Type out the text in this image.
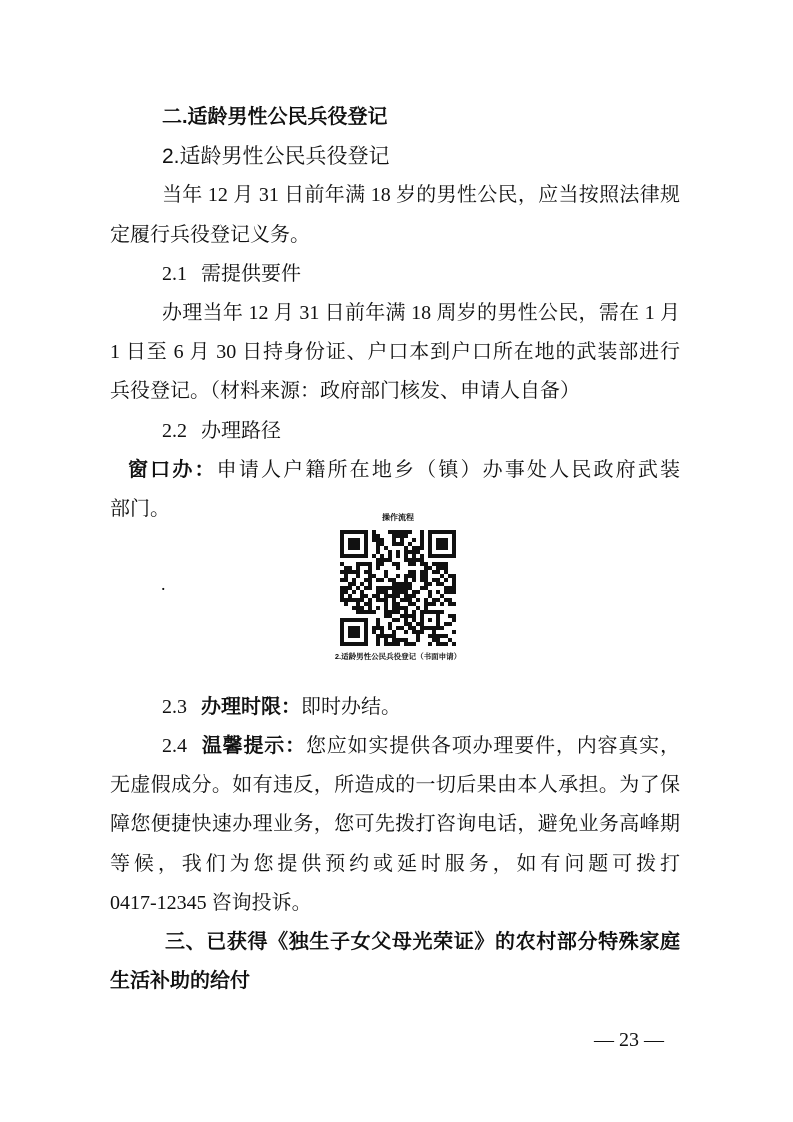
二.适龄男性公民兵役登记
2.适龄男性公民兵役登记
当年 12 月 31 日前年满 18 岁的男性公民，应当按照法律规
定履行兵役登记义务。
2.1 需提供要件
办理当年 12 月 31 日前年满 18 周岁的男性公民，需在 1 月
1 日至 6 月 30 日持身份证、户口本到户口所在地的武装部进行
兵役登记。（材料来源：政府部门核发、申请人自备）
2.2 办理路径
窗口办：申请人户籍所在地乡（镇）办事处人民政府武装
部门。
2.3 办理时限：即时办结。
2.4 温馨提示：您应如实提供各项办理要件，内容真实，
无虚假成分。如有违反，所造成的一切后果由本人承担。为了保
障您便捷快速办理业务，您可先拨打咨询电话，避免业务高峰期
等候，我们为您提供预约或延时服务，如有问题可拨打
0417-12345 咨询投诉。
三、已获得《独生子女父母光荣证》的农村部分特殊家庭
生活补助的给付
.
操作流程
2.适龄男性公民兵役登记（书面申请）
— 23 —
